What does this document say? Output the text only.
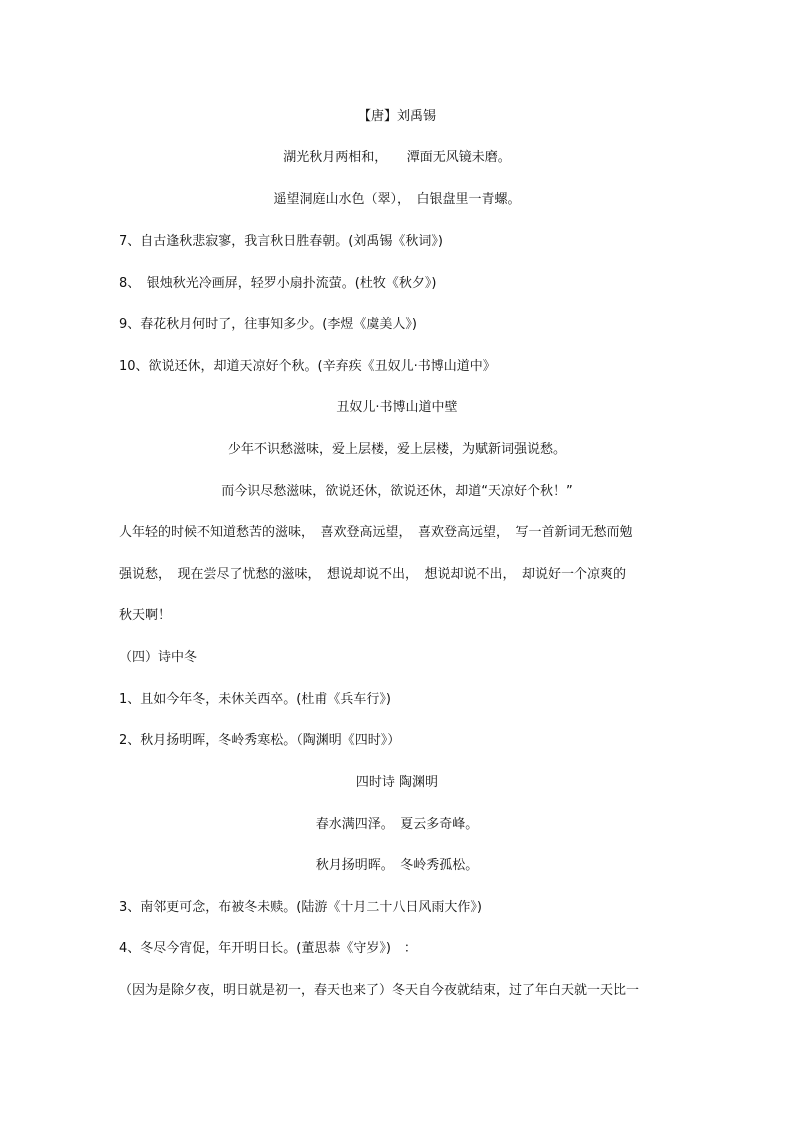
【唐】刘禹锡
湖光秋月两相和，　　潭面无风镜未磨。
遥望洞庭山水色（翠），　白银盘里一青螺。
7、自古逢秋悲寂寥，我言秋日胜春朝。(刘禹锡《秋词》)
8、　银烛秋光冷画屏，轻罗小扇扑流萤。(杜牧《秋夕》)
9、春花秋月何时了，往事知多少。(李煜《虞美人》)
10、欲说还休，却道天凉好个秋。(辛弃疾《丑奴儿·书博山道中》
丑奴儿·书博山道中壁
少年不识愁滋味，爱上层楼，爱上层楼，为赋新词强说愁。
而今识尽愁滋味，欲说还休，欲说还休，却道“天凉好个秋！”
人年轻的时候不知道愁苦的滋味，　喜欢登高远望，　喜欢登高远望，　写一首新词无愁而勉
强说愁，　现在尝尽了忧愁的滋味，　想说却说不出，　想说却说不出，　却说好一个凉爽的
秋天啊！
（四）诗中冬
1、且如今年冬，未休关西卒。(杜甫《兵车行》)
2、秋月扬明晖，冬岭秀寒松。（陶渊明《四时》）
四时诗 陶渊明
春水满四泽。　夏云多奇峰。
秋月扬明晖。　冬岭秀孤松。
3、南邻更可念，布被冬未赎。(陆游《十月二十八日风雨大作》)
4、冬尽今宵促，年开明日长。(董思恭《守岁》)　：
（因为是除夕夜，明日就是初一，春天也来了）冬天自今夜就结束，过了年白天就一天比一
